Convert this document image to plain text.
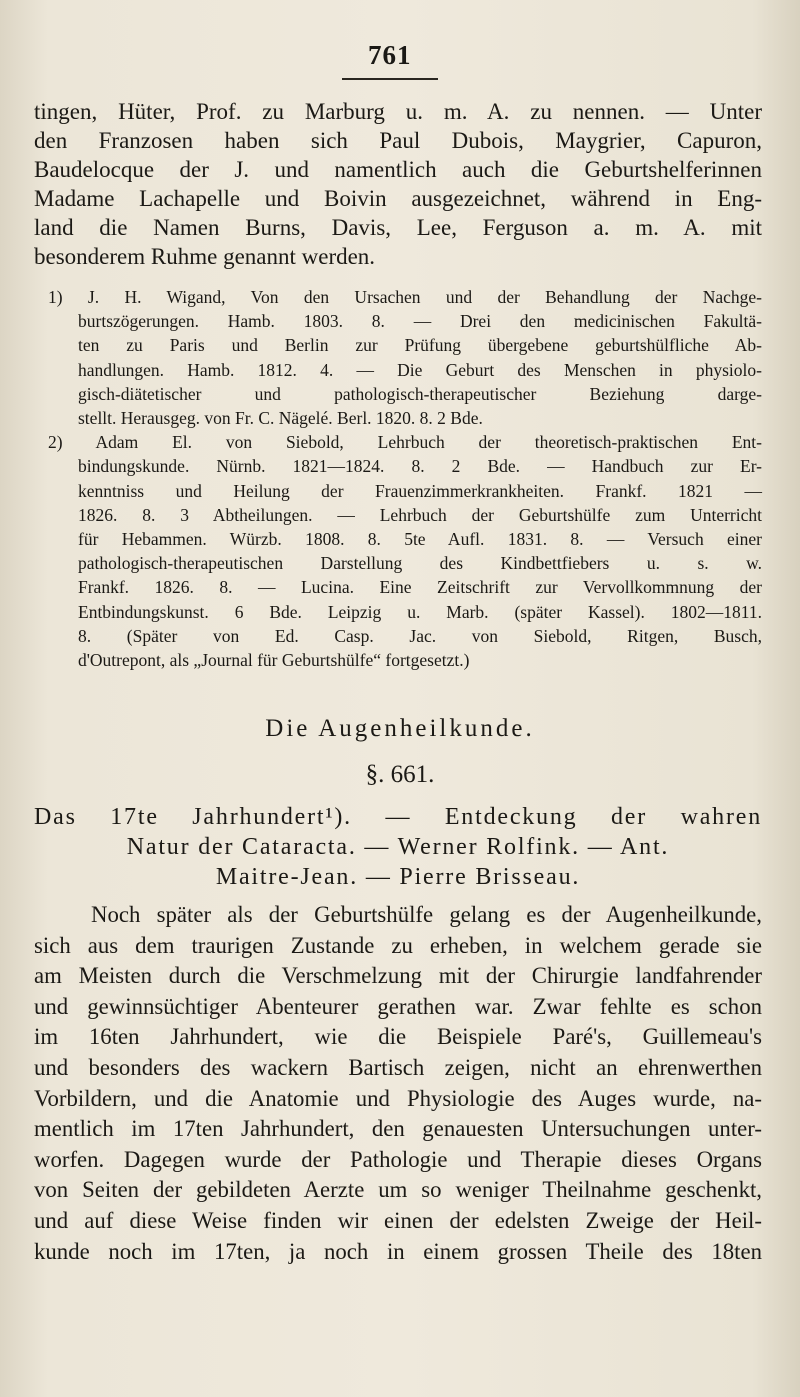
761
tingen, Hüter, Prof. zu Marburg u. m. A. zu nennen. — Unter
den Franzosen haben sich Paul Dubois, Maygrier, Capuron,
Baudelocque der J. und namentlich auch die Geburtshelferinnen
Madame Lachapelle und Boivin ausgezeichnet, während in Eng-
land die Namen Burns, Davis, Lee, Ferguson a. m. A. mit
besonderem Ruhme genannt werden.
1) J. H. Wigand, Von den Ursachen und der Behandlung der Nachge-
burtszögerungen. Hamb. 1803. 8. — Drei den medicinischen Fakultä-
ten zu Paris und Berlin zur Prüfung übergebene geburtshülfliche Ab-
handlungen. Hamb. 1812. 4. — Die Geburt des Menschen in physiolo-
gisch-diätetischer und pathologisch-therapeutischer Beziehung darge-
stellt. Herausgeg. von Fr. C. Nägelé. Berl. 1820. 8. 2 Bde.
2) Adam El. von Siebold, Lehrbuch der theoretisch-praktischen Ent-
bindungskunde. Nürnb. 1821—1824. 8. 2 Bde. — Handbuch zur Er-
kenntniss und Heilung der Frauenzimmerkrankheiten. Frankf. 1821 —
1826. 8. 3 Abtheilungen. — Lehrbuch der Geburtshülfe zum Unterricht
für Hebammen. Würzb. 1808. 8. 5te Aufl. 1831. 8. — Versuch einer
pathologisch-therapeutischen Darstellung des Kindbettfiebers u. s. w.
Frankf. 1826. 8. — Lucina. Eine Zeitschrift zur Vervollkommnung der
Entbindungskunst. 6 Bde. Leipzig u. Marb. (später Kassel). 1802—1811.
8. (Später von Ed. Casp. Jac. von Siebold, Ritgen, Busch,
d'Outrepont, als „Journal für Geburtshülfe“ fortgesetzt.)
Die Augenheilkunde.
§. 661.
Das 17te Jahrhundert¹). — Entdeckung der wahren
Natur der Cataracta. — Werner Rolfink. — Ant.
Maitre-Jean. — Pierre Brisseau.
Noch später als der Geburtshülfe gelang es der Augenheilkunde,
sich aus dem traurigen Zustande zu erheben, in welchem gerade sie
am Meisten durch die Verschmelzung mit der Chirurgie landfahrender
und gewinnsüchtiger Abenteurer gerathen war. Zwar fehlte es schon
im 16ten Jahrhundert, wie die Beispiele Paré's, Guillemeau's
und besonders des wackern Bartisch zeigen, nicht an ehrenwerthen
Vorbildern, und die Anatomie und Physiologie des Auges wurde, na-
mentlich im 17ten Jahrhundert, den genauesten Untersuchungen unter-
worfen. Dagegen wurde der Pathologie und Therapie dieses Organs
von Seiten der gebildeten Aerzte um so weniger Theilnahme geschenkt,
und auf diese Weise finden wir einen der edelsten Zweige der Heil-
kunde noch im 17ten, ja noch in einem grossen Theile des 18ten
